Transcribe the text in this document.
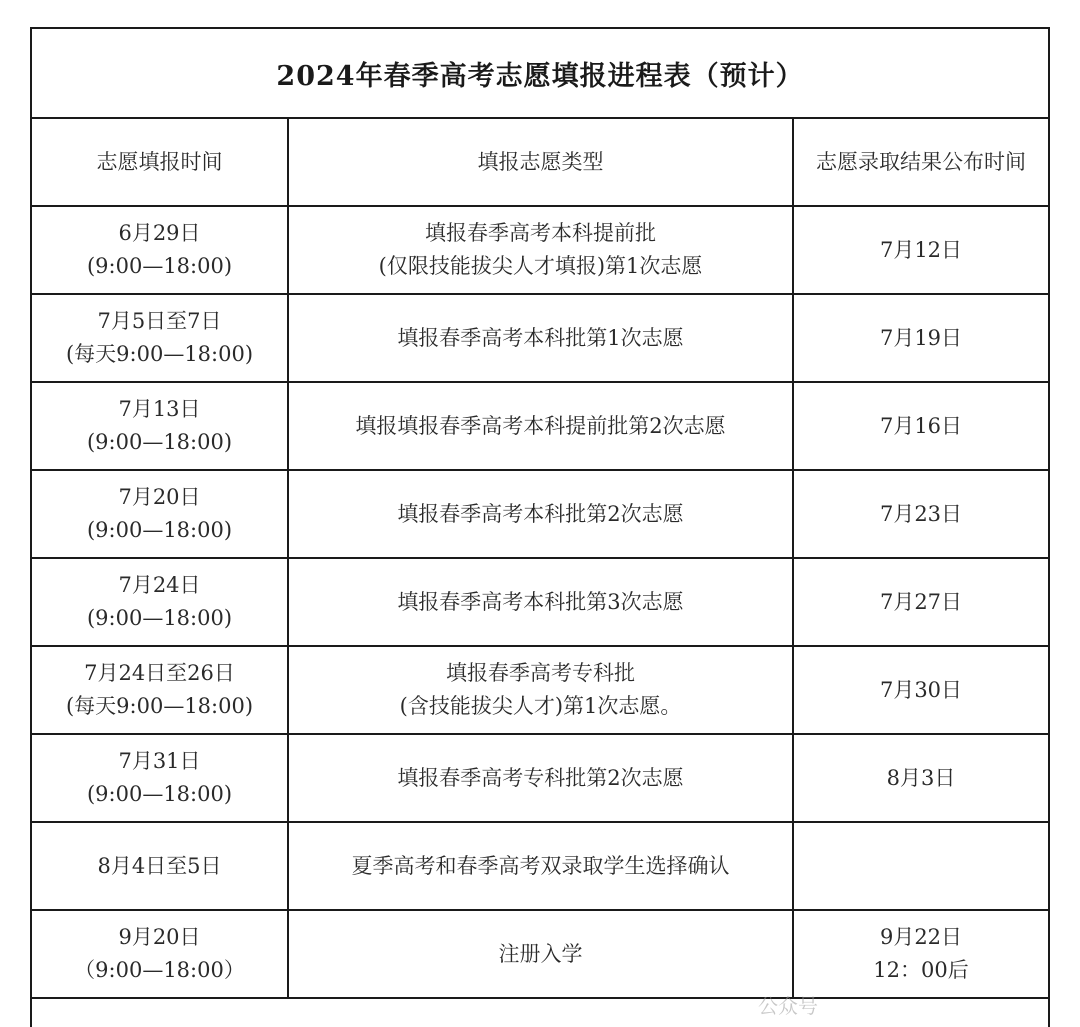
2024年春季高考志愿填报进程表（预计）
志愿填报时间	填报志愿类型	志愿录取结果公布时间

6月29日
(9:00—18:00)	填报春季高考本科提前批
(仅限技能拔尖人才填报)第1次志愿	7月12日

7月5日至7日
(每天9:00—18:00)	填报春季高考本科批第1次志愿	7月19日

7月13日
(9:00—18:00)	填报填报春季高考本科提前批第2次志愿	7月16日

7月20日
(9:00—18:00)	填报春季高考本科批第2次志愿	7月23日

7月24日
(9:00—18:00)	填报春季高考本科批第3次志愿	7月27日

7月24日至26日
(每天9:00—18:00)	填报春季高考专科批
(含技能拔尖人才)第1次志愿。	7月30日

7月31日
(9:00—18:00)	填报春季高考专科批第2次志愿	8月3日

8月4日至5日	夏季高考和春季高考双录取学生选择确认	

9月20日
（9:00—18:00）	注册入学	9月22日
12：00后
公众号
